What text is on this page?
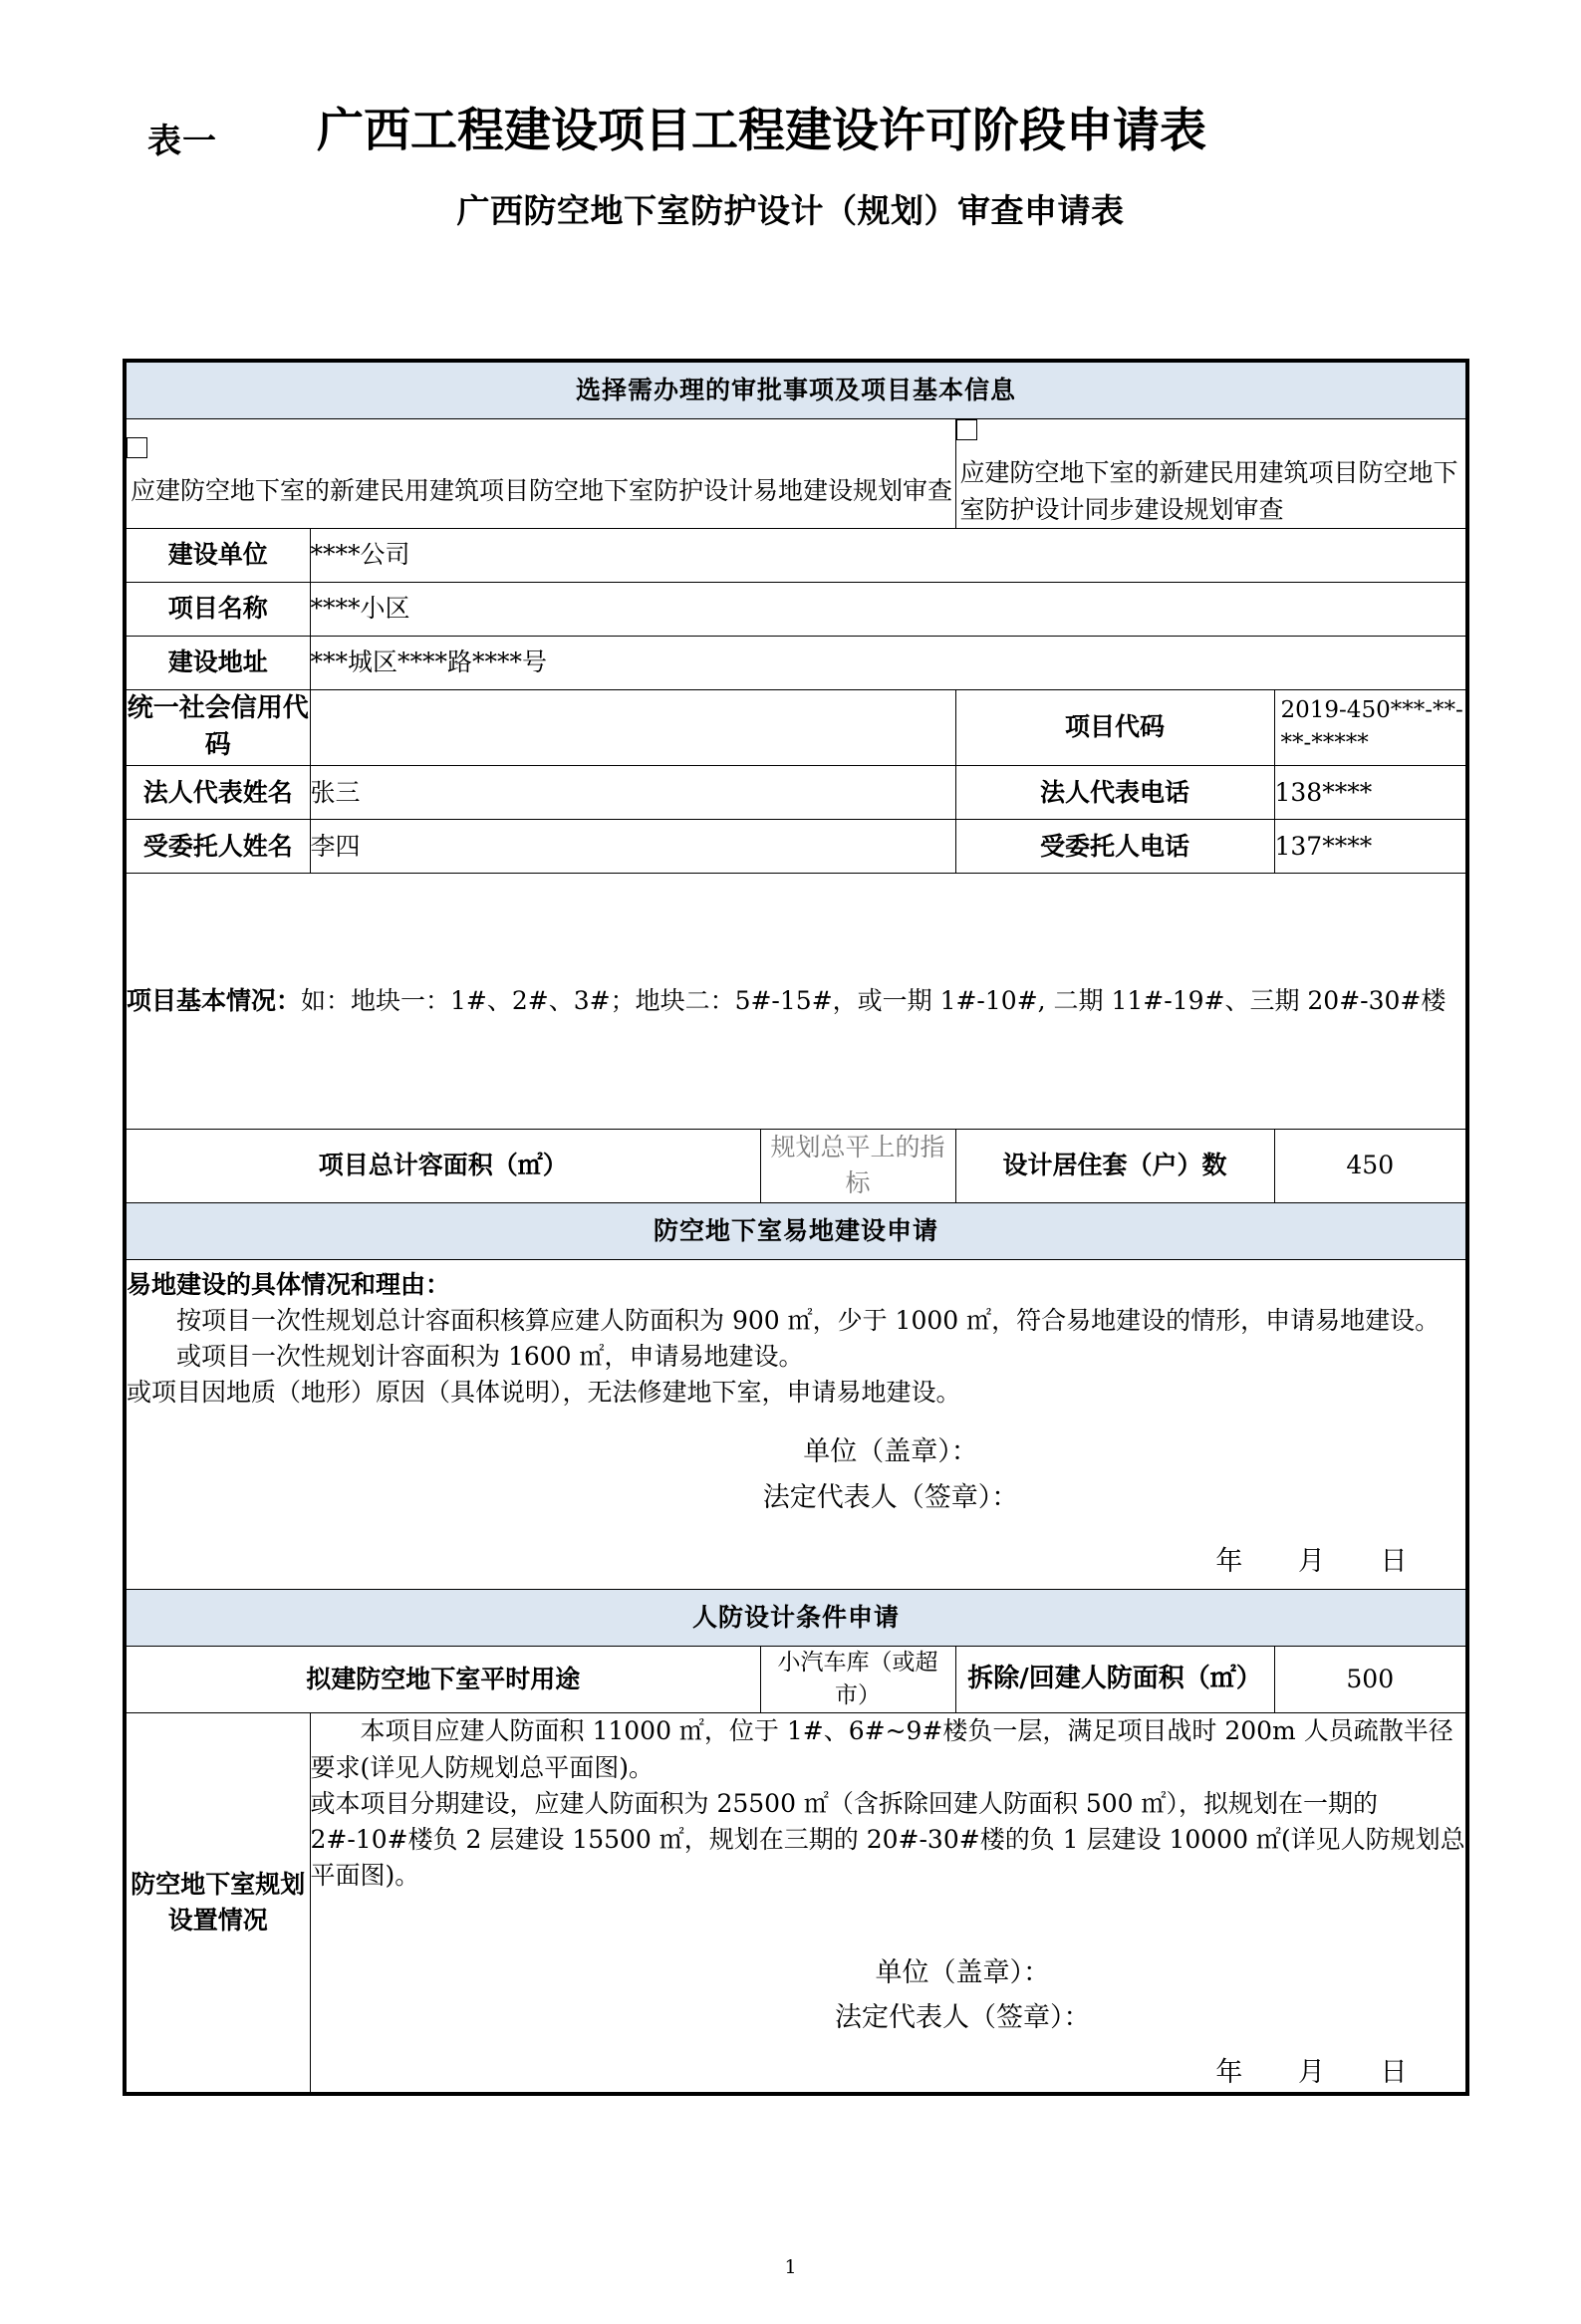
表一 广西工程建设项目工程建设许可阶段申请表
广西防空地下室防护设计（规划）审查申请表
选择需办理的审批事项及项目基本信息				

应建防空地下室的新建民用建筑项目防空地下室防护设计易地建设规划审查			应建防空地下室的新建民用建筑项目防空地下室防护设计同步建设规划审查	

建设单位	****公司			
项目名称	****小区			
建设地址	***城区****路****号			
统一社会信用代码			项目代码	2019-450***-**-**-*****
法人代表姓名	张三		法人代表电话	138****
受委托人姓名	李四		受委托人电话	137****
项目基本情况：如：地块一：1#、2#、3#；地块二：5#-15#，或一期 1#-10#, 二期 11#-19#、三期 20#-30#楼				
项目总计容面积（㎡）		规划总平上的指标	设计居住套（户）数	450
防空地下室易地建设申请				

易地建设的具体情况和理由：
按项目一次性规划总计容面积核算应建人防面积为 900 ㎡，少于 1000 ㎡，符合易地建设的情形，申请易地建设。
或项目一次性规划计容面积为 1600 ㎡，申请易地建设。
或项目因地质（地形）原因（具体说明），无法修建地下室，申请易地建设。
单位（盖章）：
法定代表人（签章）：
年 月 日

人防设计条件申请				
拟建防空地下室平时用途		小汽车库（或超市）	拆除/回建人防面积（㎡）	500
防空地下室规划设置情况	本项目应建人防面积 11000 ㎡，位于 1#、6#~9#楼负一层，满足项目战时 200m 人员疏散半径要求(详见人防规划总平面图)。
或本项目分期建设，应建人防面积为 25500 ㎡（含拆除回建人防面积 500 ㎡），拟规划在一期的 2#-10#楼负 2 层建设 15500 ㎡，规划在三期的 20#-30#楼的负 1 层建设 10000 ㎡(详见人防规划总平面图)。
单位（盖章）：
法定代表人（签章）：
年 月 日			
1
